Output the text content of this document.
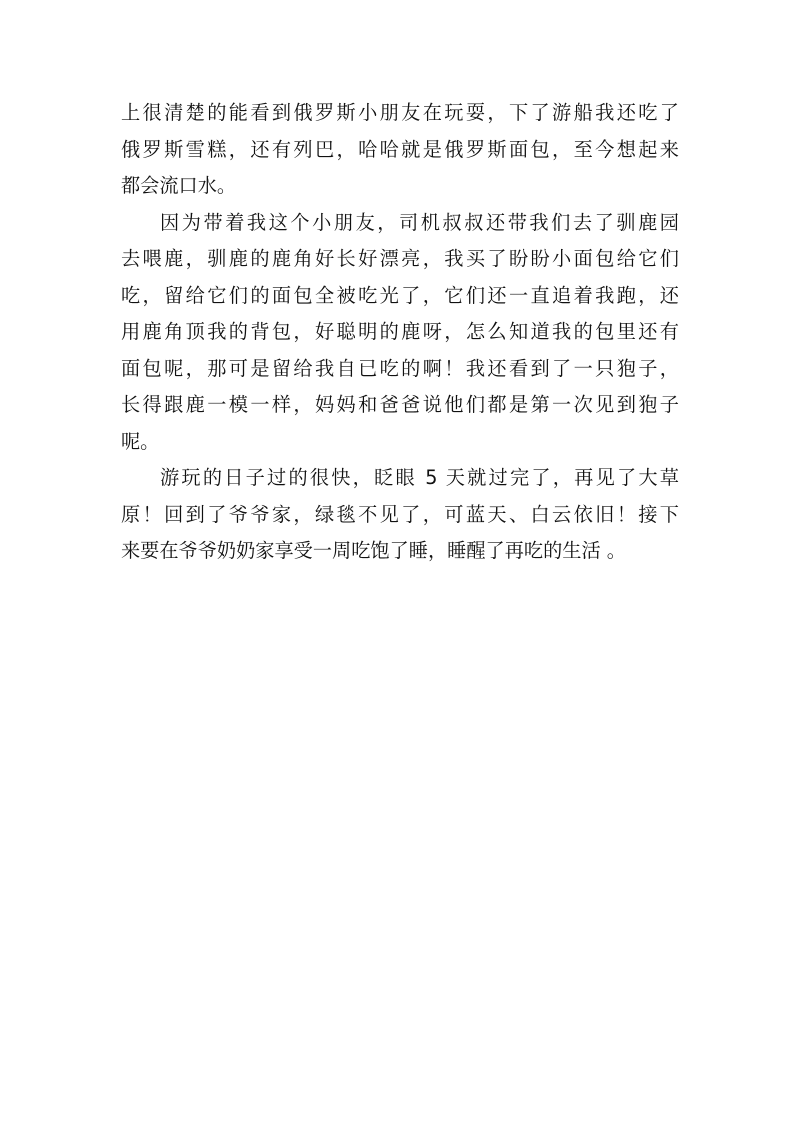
上很清楚的能看到俄罗斯小朋友在玩耍，下了游船我还吃了
俄罗斯雪糕，还有列巴，哈哈就是俄罗斯面包，至今想起来
都会流口水。
因为带着我这个小朋友，司机叔叔还带我们去了驯鹿园
去喂鹿，驯鹿的鹿角好长好漂亮，我买了盼盼小面包给它们
吃，留给它们的面包全被吃光了，它们还一直追着我跑，还
用鹿角顶我的背包，好聪明的鹿呀，怎么知道我的包里还有
面包呢，那可是留给我自已吃的啊！我还看到了一只狍子，
长得跟鹿一模一样，妈妈和爸爸说他们都是第一次见到狍子
呢。
游玩的日子过的很快，眨眼 5 天就过完了，再见了大草
原！回到了爷爷家，绿毯不见了，可蓝天、白云依旧！接下
来要在爷爷奶奶家享受一周吃饱了睡，睡醒了再吃的生活 。
